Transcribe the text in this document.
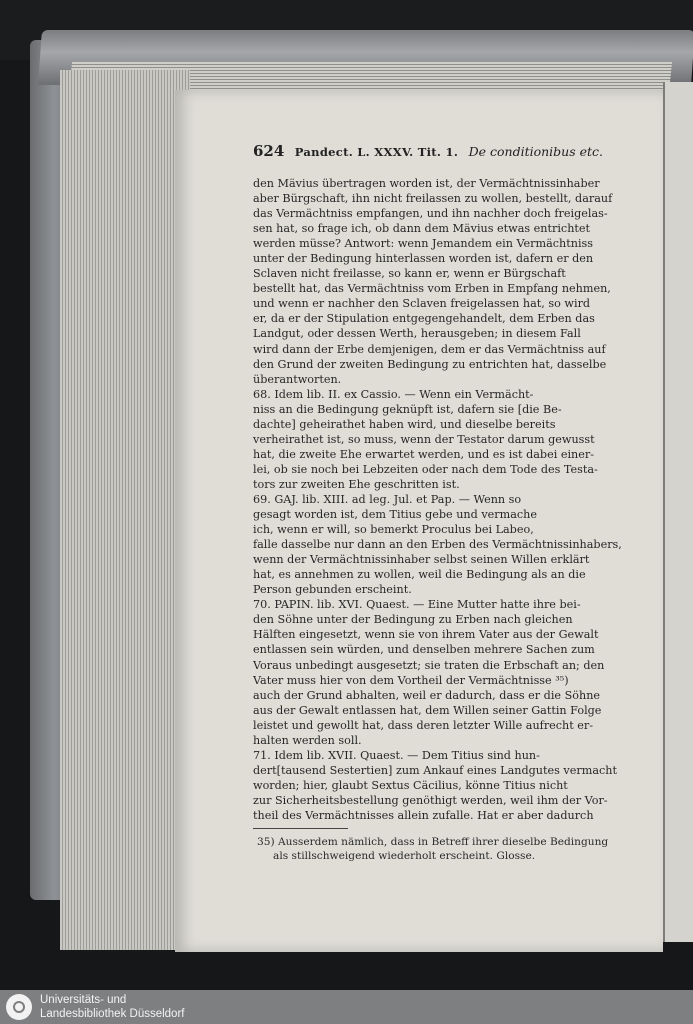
624 Pandect. L. XXXV. Tit. 1. De conditionibus etc.
den Mävius übertragen worden ist, der Vermächtnissinhaber
aber Bürgschaft, ihn nicht freilassen zu wollen, bestellt, darauf
das Vermächtniss empfangen, und ihn nachher doch freigelas-
sen hat, so frage ich, ob dann dem Mävius etwas entrichtet
werden müsse? Antwort: wenn Jemandem ein Vermächtniss
unter der Bedingung hinterlassen worden ist, dafern er den
Sclaven nicht freilasse, so kann er, wenn er Bürgschaft
bestellt hat, das Vermächtniss vom Erben in Empfang nehmen,
und wenn er nachher den Sclaven freigelassen hat, so wird
er, da er der Stipulation entgegengehandelt, dem Erben das
Landgut, oder dessen Werth, herausgeben; in diesem Fall
wird dann der Erbe demjenigen, dem er das Vermächtniss auf
den Grund der zweiten Bedingung zu entrichten hat, dasselbe
überantworten.
68. Idem lib. II. ex Cassio. — Wenn ein Vermächt-
niss an die Bedingung geknüpft ist, dafern sie [die Be-
dachte] geheirathet haben wird, und dieselbe bereits
verheirathet ist, so muss, wenn der Testator darum gewusst
hat, die zweite Ehe erwartet werden, und es ist dabei einer-
lei, ob sie noch bei Lebzeiten oder nach dem Tode des Testa-
tors zur zweiten Ehe geschritten ist.
69. GAJ. lib. XIII. ad leg. Jul. et Pap. — Wenn so
gesagt worden ist, dem Titius gebe und vermache
ich, wenn er will, so bemerkt Proculus bei Labeo,
falle dasselbe nur dann an den Erben des Vermächtnissinhabers,
wenn der Vermächtnissinhaber selbst seinen Willen erklärt
hat, es annehmen zu wollen, weil die Bedingung als an die
Person gebunden erscheint.
70. PAPIN. lib. XVI. Quaest. — Eine Mutter hatte ihre bei-
den Söhne unter der Bedingung zu Erben nach gleichen
Hälften eingesetzt, wenn sie von ihrem Vater aus der Gewalt
entlassen sein würden, und denselben mehrere Sachen zum
Voraus unbedingt ausgesetzt; sie traten die Erbschaft an; den
Vater muss hier von dem Vortheil der Vermächtnisse ³⁵)
auch der Grund abhalten, weil er dadurch, dass er die Söhne
aus der Gewalt entlassen hat, dem Willen seiner Gattin Folge
leistet und gewollt hat, dass deren letzter Wille aufrecht er-
halten werden soll.
71. Idem lib. XVII. Quaest. — Dem Titius sind hun-
dert[tausend Sestertien] zum Ankauf eines Landgutes vermacht
worden; hier, glaubt Sextus Cäcilius, könne Titius nicht
zur Sicherheitsbestellung genöthigt werden, weil ihm der Vor-
theil des Vermächtnisses allein zufalle. Hat er aber dadurch
35) Ausserdem nämlich, dass in Betreff ihrer dieselbe Bedingung
als stillschweigend wiederholt erscheint. Glosse.
Universitäts- und
Landesbibliothek Düsseldorf
